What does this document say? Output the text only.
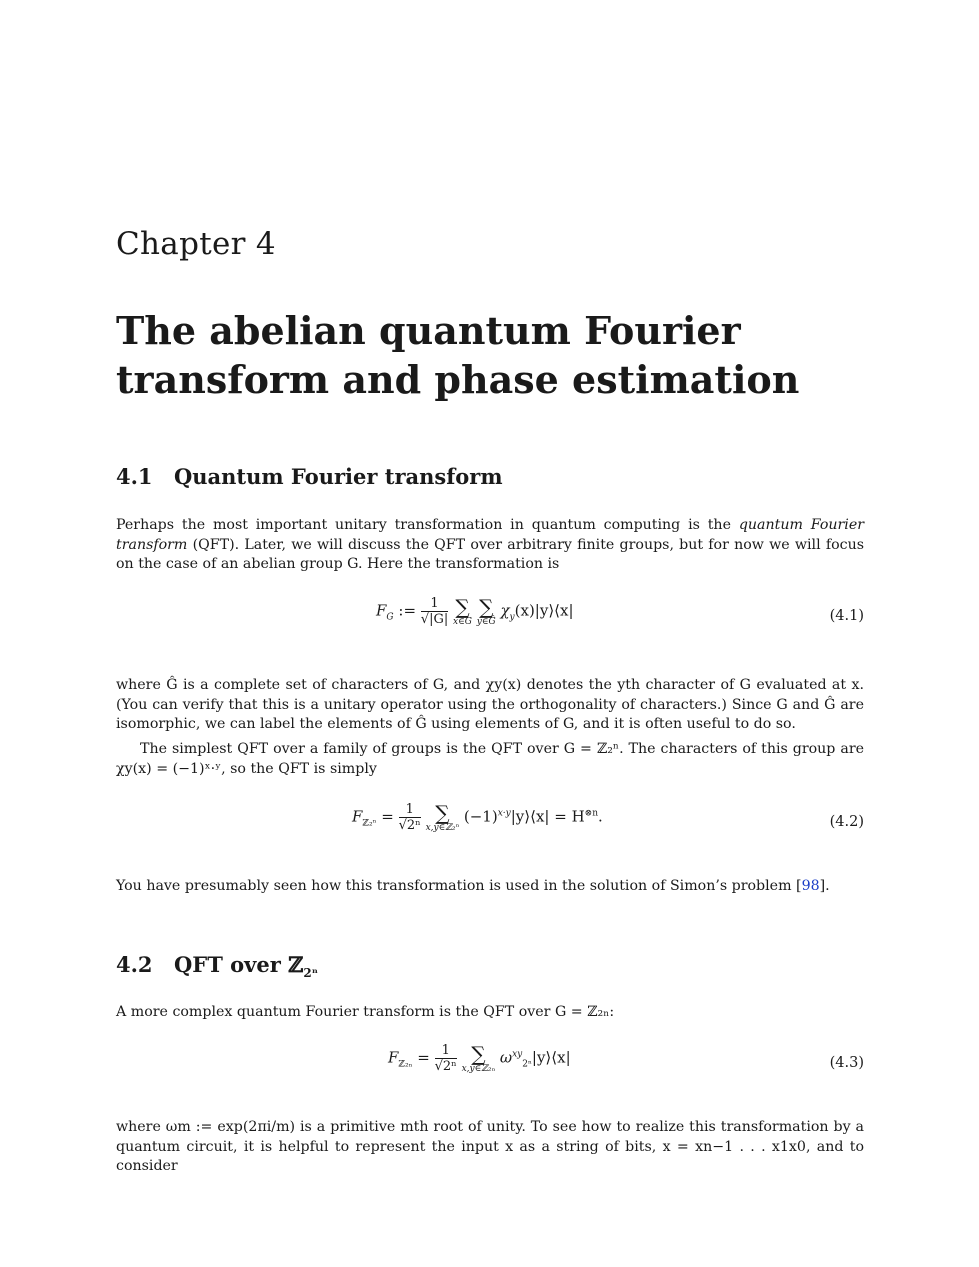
Chapter 4
The abelian quantum Fourier
transform and phase estimation
4.1 Quantum Fourier transform
Perhaps the most important unitary transformation in quantum computing is the quantum Fourier transform (QFT). Later, we will discuss the QFT over arbitrary finite groups, but for now we will focus on the case of an abelian group G. Here the transformation is
$F_G$ := $\frac{1}{√|G|}$
∑
x∈G

∑
y∈Ĝ
$\chi_y(x)|y⟩⟨x|$	(4.1)
where Ĝ is a complete set of characters of G, and χy(x) denotes the yth character of G evaluated at x. (You can verify that this is a unitary operator using the orthogonality of characters.) Since G and Ĝ are isomorphic, we can label the elements of Ĝ using elements of G, and it is often useful to do so.
The simplest QFT over a family of groups is the QFT over G = ℤ₂ⁿ. The characters of this group are χy(x) = (−1)ˣ·ʸ, so the QFT is simply
$F_{ℤ_2^n} = \frac{1}{\text{√2ⁿ}}$
∑
x,y∈ℤ₂ⁿ
$(-1)^{x\cdot y}|y⟩⟨x| = H^{\otimes n}$.	(4.2)
You have presumably seen how this transformation is used in the solution of Simon’s problem [98].
4.2 QFT over ℤ$_{2^n}$
A more complex quantum Fourier transform is the QFT over G = ℤ₂ₙ:
$F_{ℤ_{2n}} = \frac{1}{\text{√2ⁿ}}$
∑
x,y∈ℤ₂ₙ
$\omega^{xy}_{2^n}|y⟩⟨x|$	(4.3)
where ωm := exp(2πi/m) is a primitive mth root of unity. To see how to realize this transformation by a quantum circuit, it is helpful to represent the input x as a string of bits, x = xn−1 . . . x1x0, and to consider
